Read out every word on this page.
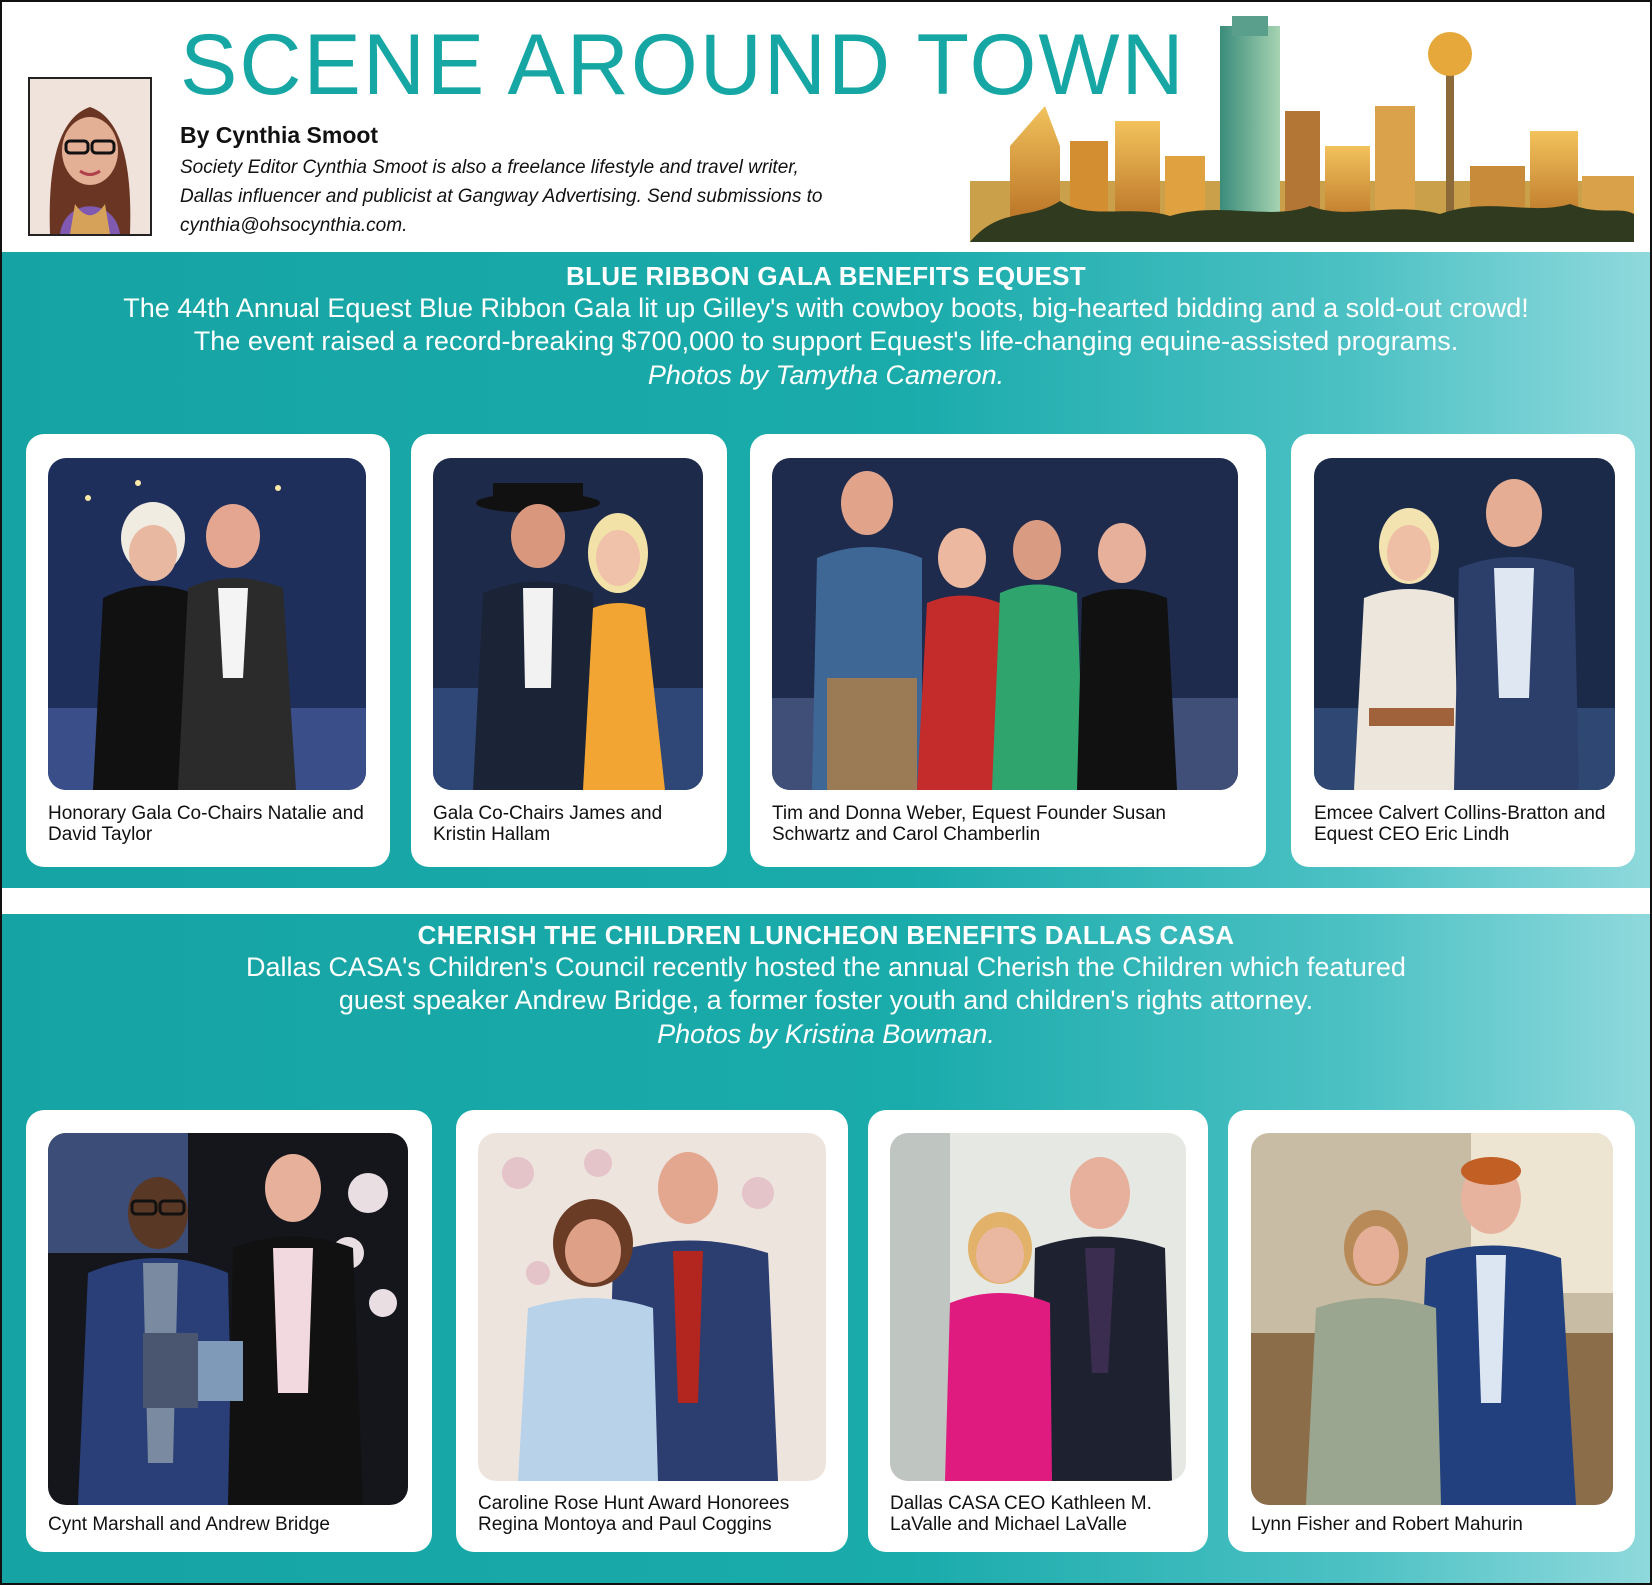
SCENE AROUND TOWN

By Cynthia Smoot

Society Editor Cynthia Smoot is also a freelance lifestyle and travel writer, Dallas influencer and publicist at Gangway Advertising. Send submissions to cynthia@ohsocynthia.com.

BLUE RIBBON GALA BENEFITS EQUEST

The 44th Annual Equest Blue Ribbon Gala lit up Gilley's with cowboy boots, big-hearted bidding and a sold-out crowd!

The event raised a record-breaking $700,000 to support Equest's life-changing equine-assisted programs.

Photos by Tamytha Cameron.

Honorary Gala Co-Chairs Natalie and David Taylor

Gala Co-Chairs James and Kristin Hallam

Tim and Donna Weber, Equest Founder Susan Schwartz and Carol Chamberlin

Emcee Calvert Collins-Bratton and Equest CEO Eric Lindh

CHERISH THE CHILDREN LUNCHEON BENEFITS DALLAS CASA

Dallas CASA's Children's Council recently hosted the annual Cherish the Children which featured

guest speaker Andrew Bridge, a former foster youth and children's rights attorney.

Photos by Kristina Bowman.

Cynt Marshall and Andrew Bridge

Caroline Rose Hunt Award Honorees Regina Montoya and Paul Coggins

Dallas CASA CEO Kathleen M. LaValle and Michael LaValle	Lynn Fisher and Robert Mahurin
